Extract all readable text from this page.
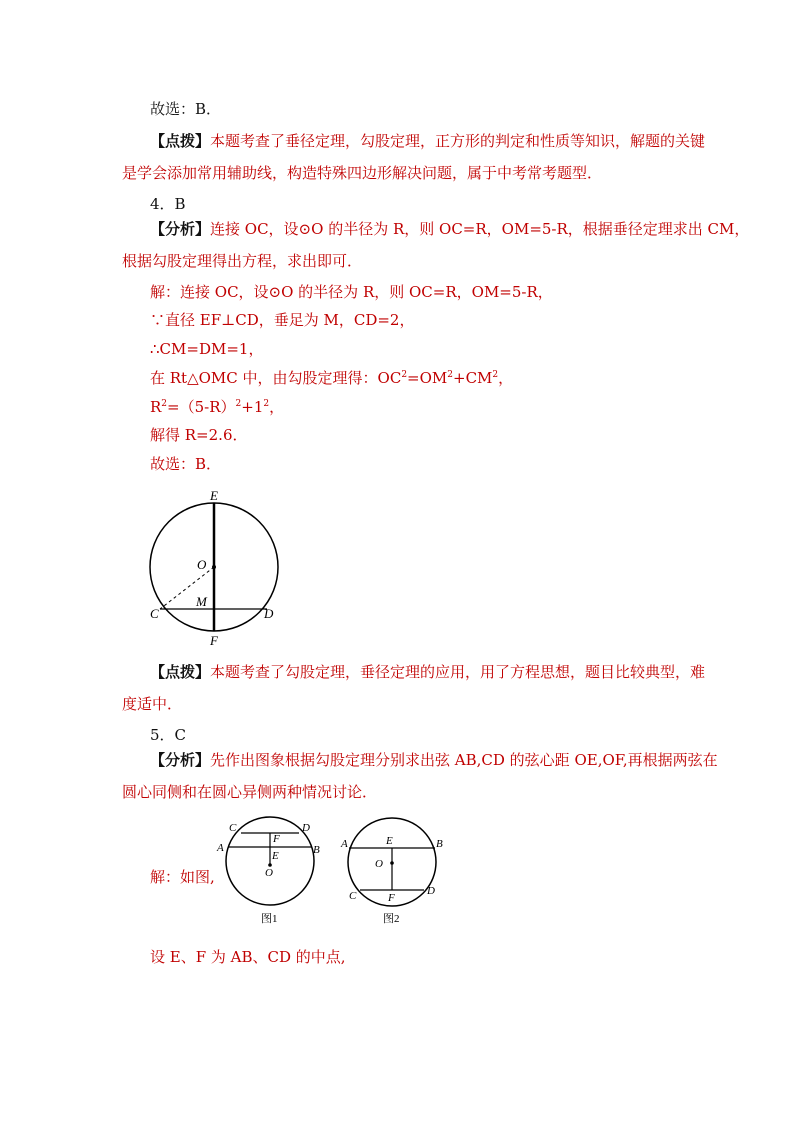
故选：B．
【点拨】本题考查了垂径定理，勾股定理，正方形的判定和性质等知识，解题的关键
是学会添加常用辅助线，构造特殊四边形解决问题，属于中考常考题型．
4．B
【分析】连接 OC，设⊙O 的半径为 R，则 OC=R，OM=5-R，根据垂径定理求出 CM，
根据勾股定理得出方程，求出即可．
解：连接 OC，设⊙O 的半径为 R，则 OC=R，OM=5-R，
∵直径 EF⊥CD，垂足为 M，CD=2，
∴CM=DM=1，
在 Rt△OMC 中，由勾股定理得：$OC^2=OM^2+CM^2$，
$R^2=(5-R)^2+1^2$，
解得 R=2.6．
故选：B．
E
O
M
C	D
F
【点拨】本题考查了勾股定理，垂径定理的应用，用了方程思想，题目比较典型，难
度适中．
5．C
【分析】先作出图象根据勾股定理分别求出弦 AB,CD 的弦心距 OE,OF,再根据两弦在
圆心同侧和在圆心异侧两种情况讨论．
解：如图,
C	D
A	B
F
E
O
图1
A	B
E
O
C	D
F
图2
设 E、F 为 AB、CD 的中点,
